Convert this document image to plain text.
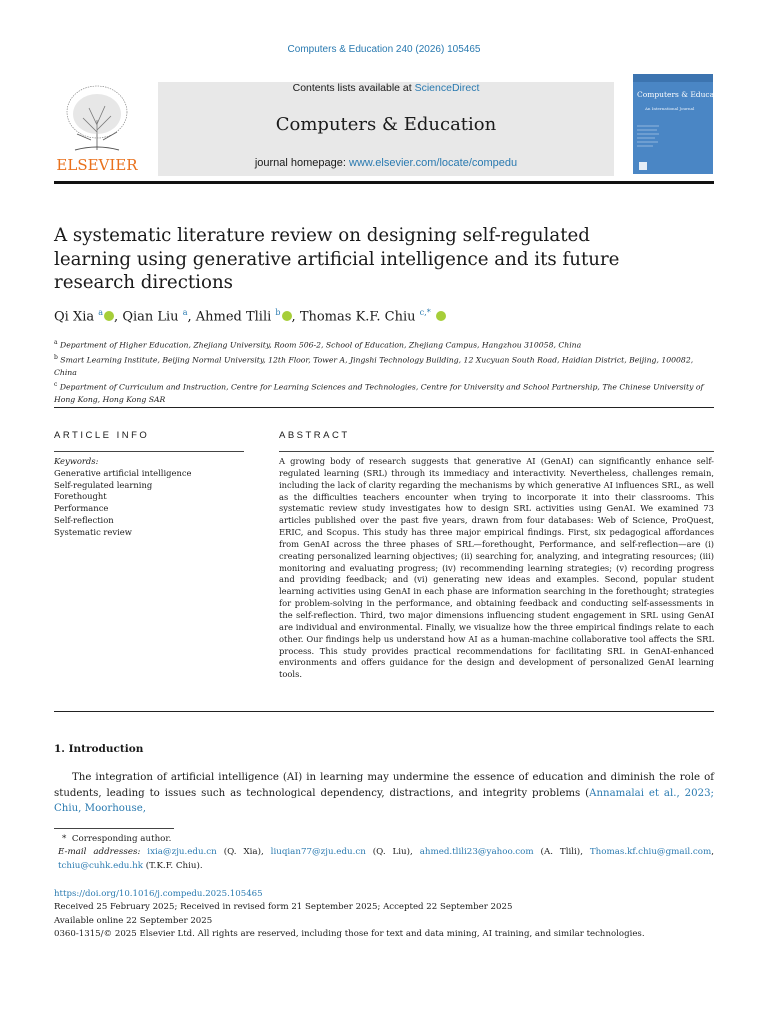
Computers & Education 240 (2026) 105465
ELSEVIER
Contents lists available at ScienceDirect
Computers & Education
journal homepage: www.elsevier.com/locate/compedu
Computers & Education
An International Journal
A systematic literature review on designing self-regulated learning using generative artificial intelligence and its future research directions
Qi Xia $^a$ , Qian Liu $^a$, Ahmed Tlili $^b$ , Thomas K.F. Chiu $^{c,*}$
$^a$ Department of Higher Education, Zhejiang University, Room 506-2, School of Education, Zhejiang Campus, Hangzhou 310058, China
$^b$ Smart Learning Institute, Beijing Normal University, 12th Floor, Tower A, Jingshi Technology Building, 12 Xucyuan South Road, Haidian District, Beijing, 100082, China
$^c$ Department of Curriculum and Instruction, Centre for Learning Sciences and Technologies, Centre for University and School Partnership, The Chinese University of Hong Kong, Hong Kong SAR
ARTICLE INFO	ABSTRACT
Keywords:
Generative artificial intelligence
Self-regulated learning
Forethought
Performance
Self-reflection
Systematic review
A growing body of research suggests that generative AI (GenAI) can significantly enhance self-regulated learning (SRL) through its immediacy and interactivity. Nevertheless, challenges remain, including the lack of clarity regarding the mechanisms by which generative AI influences SRL, as well as the difficulties teachers encounter when trying to incorporate it into their classrooms. This systematic review study investigates how to design SRL activities using GenAI. We examined 73 articles published over the past five years, drawn from four databases: Web of Science, ProQuest, ERIC, and Scopus. This study has three major empirical findings. First, six pedagogical affordances from GenAI across the three phases of SRL—forethought, Performance, and self-reflection—are (i) creating personalized learning objectives; (ii) searching for, analyzing, and integrating resources; (iii) monitoring and evaluating progress; (iv) recommending learning strategies; (v) recording progress and providing feedback; and (vi) generating new ideas and examples. Second, popular student learning activities using GenAI in each phase are information searching in the forethought; strategies for problem-solving in the performance, and obtaining feedback and conducting self-assessments in the self-reflection. Third, two major dimensions influencing student engagement in SRL using GenAI are individual and environmental. Finally, we visualize how the three empirical findings relate to each other. Our findings help us understand how AI as a human-machine collaborative tool affects the SRL process. This study provides practical recommendations for facilitating SRL in GenAI-enhanced environments and offers guidance for the design and development of personalized GenAI learning tools.
1. Introduction
The integration of artificial intelligence (AI) in learning may undermine the essence of education and diminish the role of students, leading to issues such as technological dependency, distractions, and integrity problems (Annamalai et al., 2023; Chiu, Moorhouse,
*  Corresponding author.
E-mail addresses: ixia@zju.edu.cn (Q. Xia), liuqian77@zju.edu.cn (Q. Liu), ahmed.tlili23@yahoo.com (A. Tlili), Thomas.kf.chiu@gmail.com, tchiu@cuhk.edu.hk (T.K.F. Chiu).
https://doi.org/10.1016/j.compedu.2025.105465
Received 25 February 2025; Received in revised form 21 September 2025; Accepted 22 September 2025
Available online 22 September 2025
0360-1315/© 2025 Elsevier Ltd. All rights are reserved, including those for text and data mining, AI training, and similar technologies.
